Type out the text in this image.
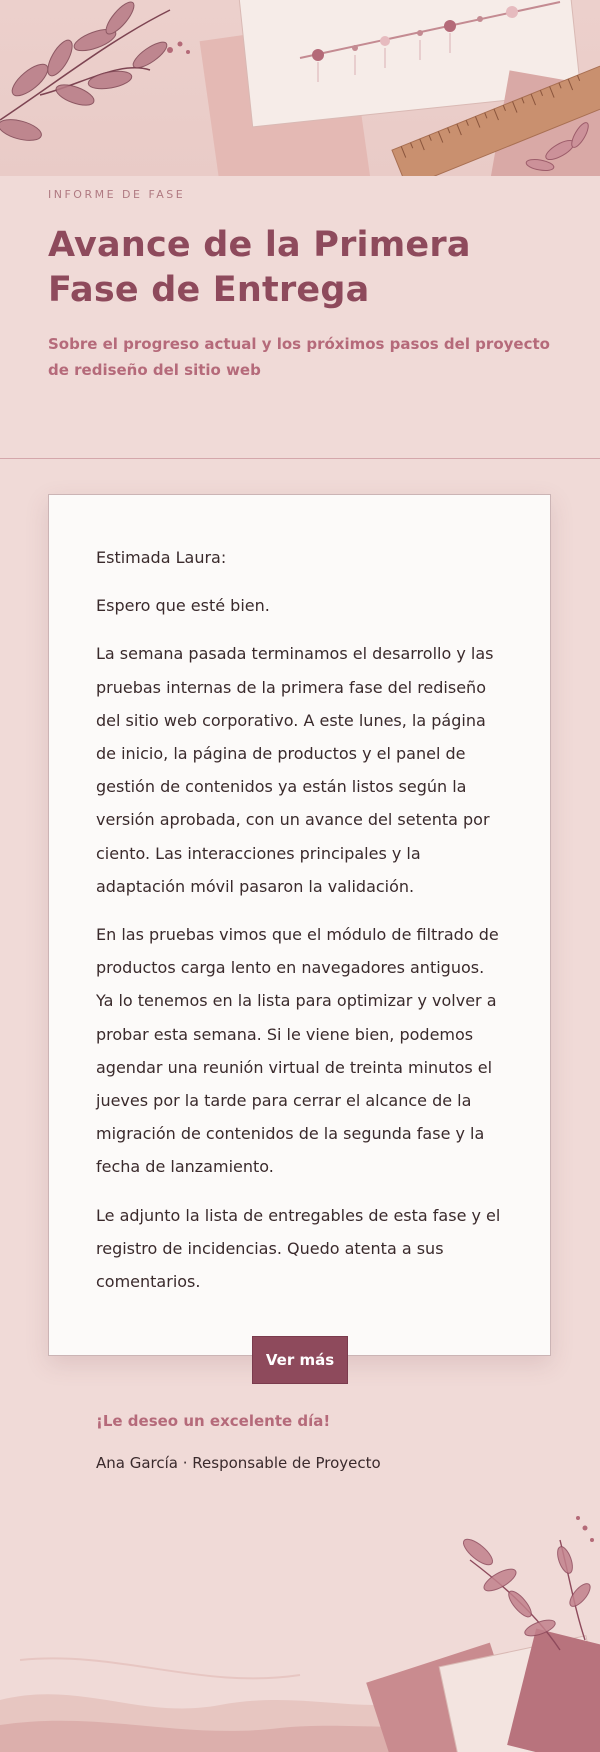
INFORME DE FASE
Avance de la Primera Fase de Entrega
Sobre el progreso actual y los próximos pasos del proyecto de rediseño del sitio web

Estimada Laura:

Espero que esté bien.

La semana pasada terminamos el desarrollo y las pruebas internas de la primera fase del rediseño del sitio web corporativo. A este lunes, la página de inicio, la página de productos y el panel de gestión de contenidos ya están listos según la versión aprobada, con un avance del setenta por ciento. Las interacciones principales y la adaptación móvil pasaron la validación.

En las pruebas vimos que el módulo de filtrado de productos carga lento en navegadores antiguos. Ya lo tenemos en la lista para optimizar y volver a probar esta semana. Si le viene bien, podemos agendar una reunión virtual de treinta minutos el jueves por la tarde para cerrar el alcance de la migración de contenidos de la segunda fase y la fecha de lanzamiento.

Le adjunto la lista de entregables de esta fase y el registro de incidencias. Quedo atenta a sus comentarios.

Ver más
¡Le deseo un excelente día!
Ana García · Responsable de Proyecto
